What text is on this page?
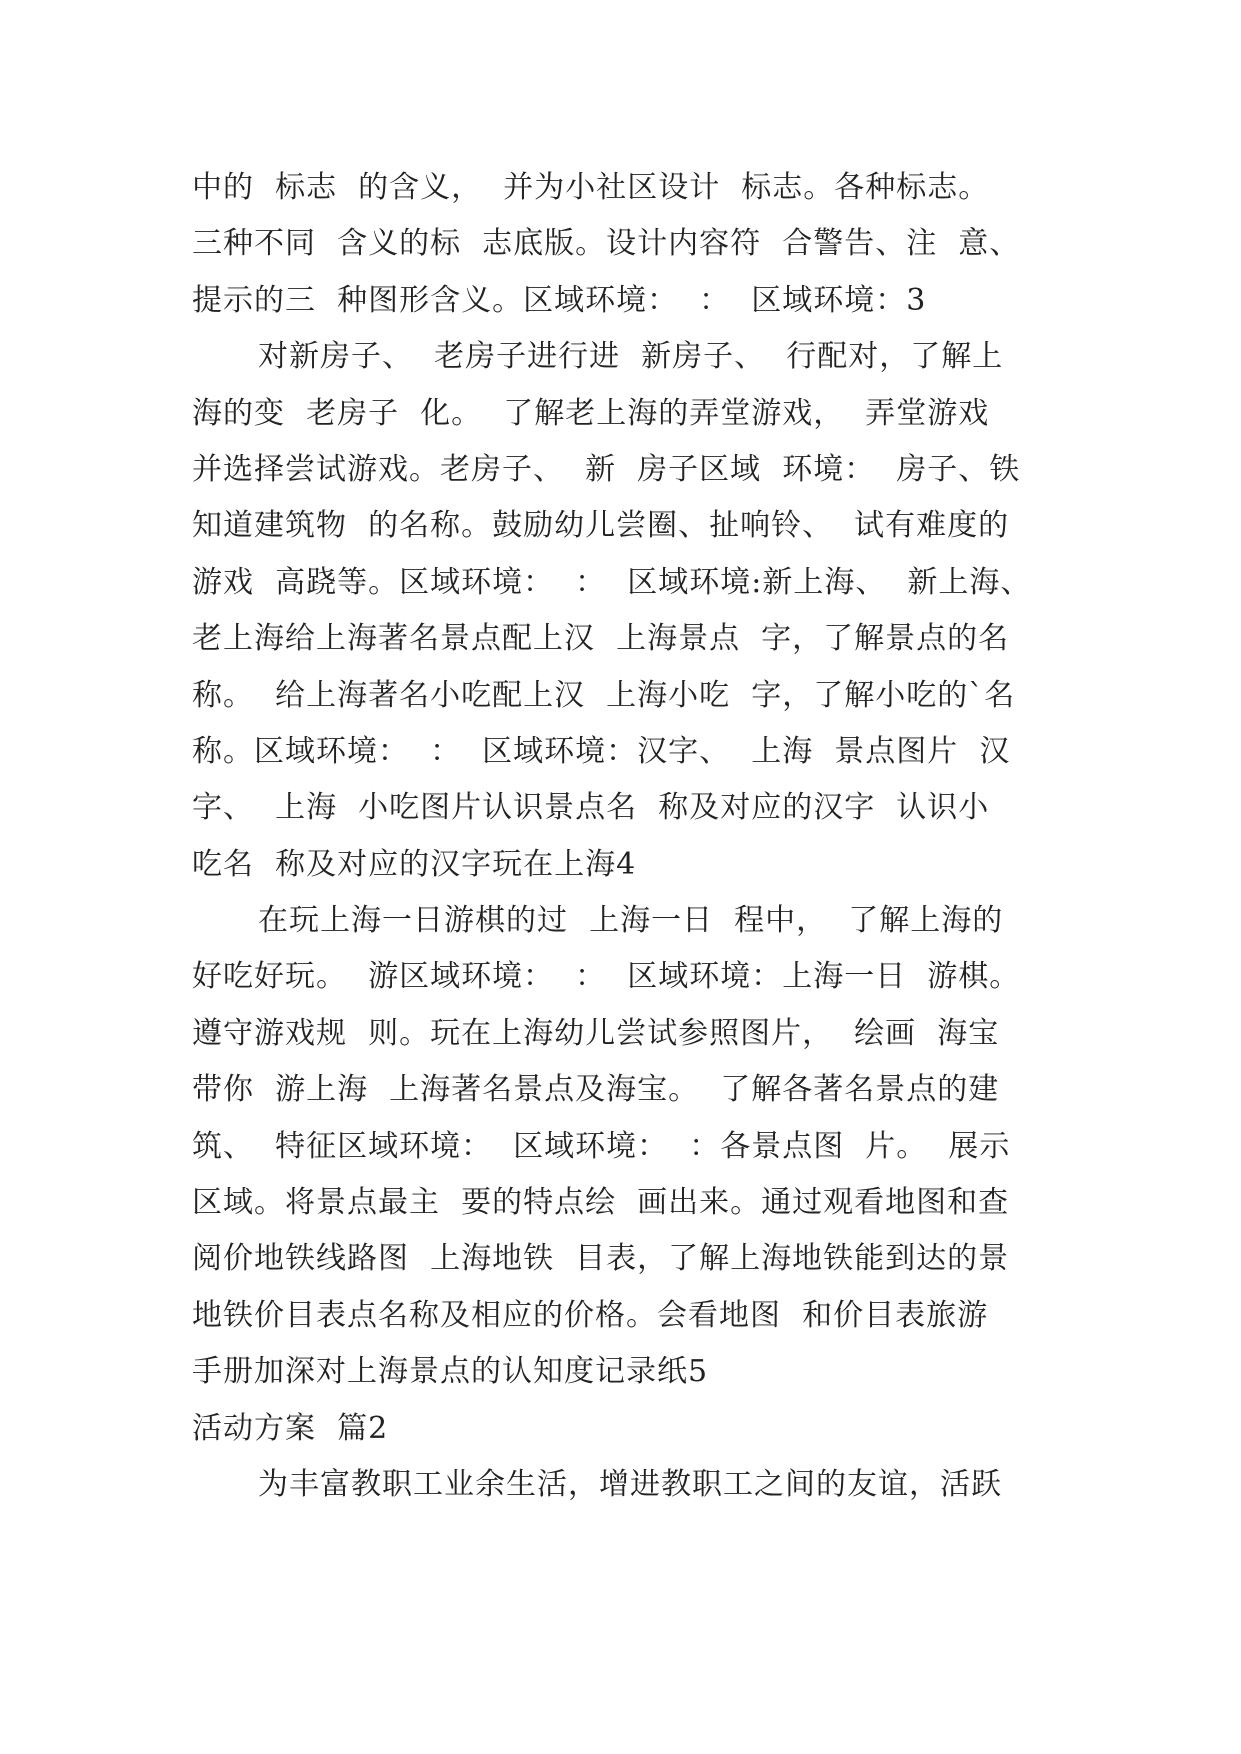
中的  标志  的含义，  并为小社区设计  标志。各种标志。
三种不同  含义的标  志底版。设计内容符  合警告、注  意、
提示的三  种图形含义。区域环境：  ：  区域环境：3
对新房子、  老房子进行进  新房子、  行配对，了解上
海的变  老房子  化。  了解老上海的弄堂游戏，  弄堂游戏
并选择尝试游戏。老房子、  新  房子区域  环境：  房子、铁
知道建筑物  的名称。鼓励幼儿尝圈、扯响铃、  试有难度的
游戏  高跷等。区域环境：  ：  区域环境:新上海、  新上海、
老上海给上海著名景点配上汉  上海景点  字，了解景点的名
称。  给上海著名小吃配上汉  上海小吃  字，了解小吃的`名
称。区域环境：  ：  区域环境：汉字、  上海  景点图片  汉
字、  上海  小吃图片认识景点名  称及对应的汉字  认识小
吃名  称及对应的汉字玩在上海4
在玩上海一日游棋的过  上海一日  程中，  了解上海的
好吃好玩。  游区域环境：  ：  区域环境：上海一日  游棋。
遵守游戏规  则。玩在上海幼儿尝试参照图片，  绘画  海宝
带你  游上海  上海著名景点及海宝。  了解各著名景点的建
筑、  特征区域环境：  区域环境：  ：各景点图  片。  展示
区域。将景点最主  要的特点绘  画出来。通过观看地图和查
阅价地铁线路图  上海地铁  目表，了解上海地铁能到达的景
地铁价目表点名称及相应的价格。会看地图  和价目表旅游
手册加深对上海景点的认知度记录纸5
活动方案  篇2
为丰富教职工业余生活，增进教职工之间的友谊，活跃
